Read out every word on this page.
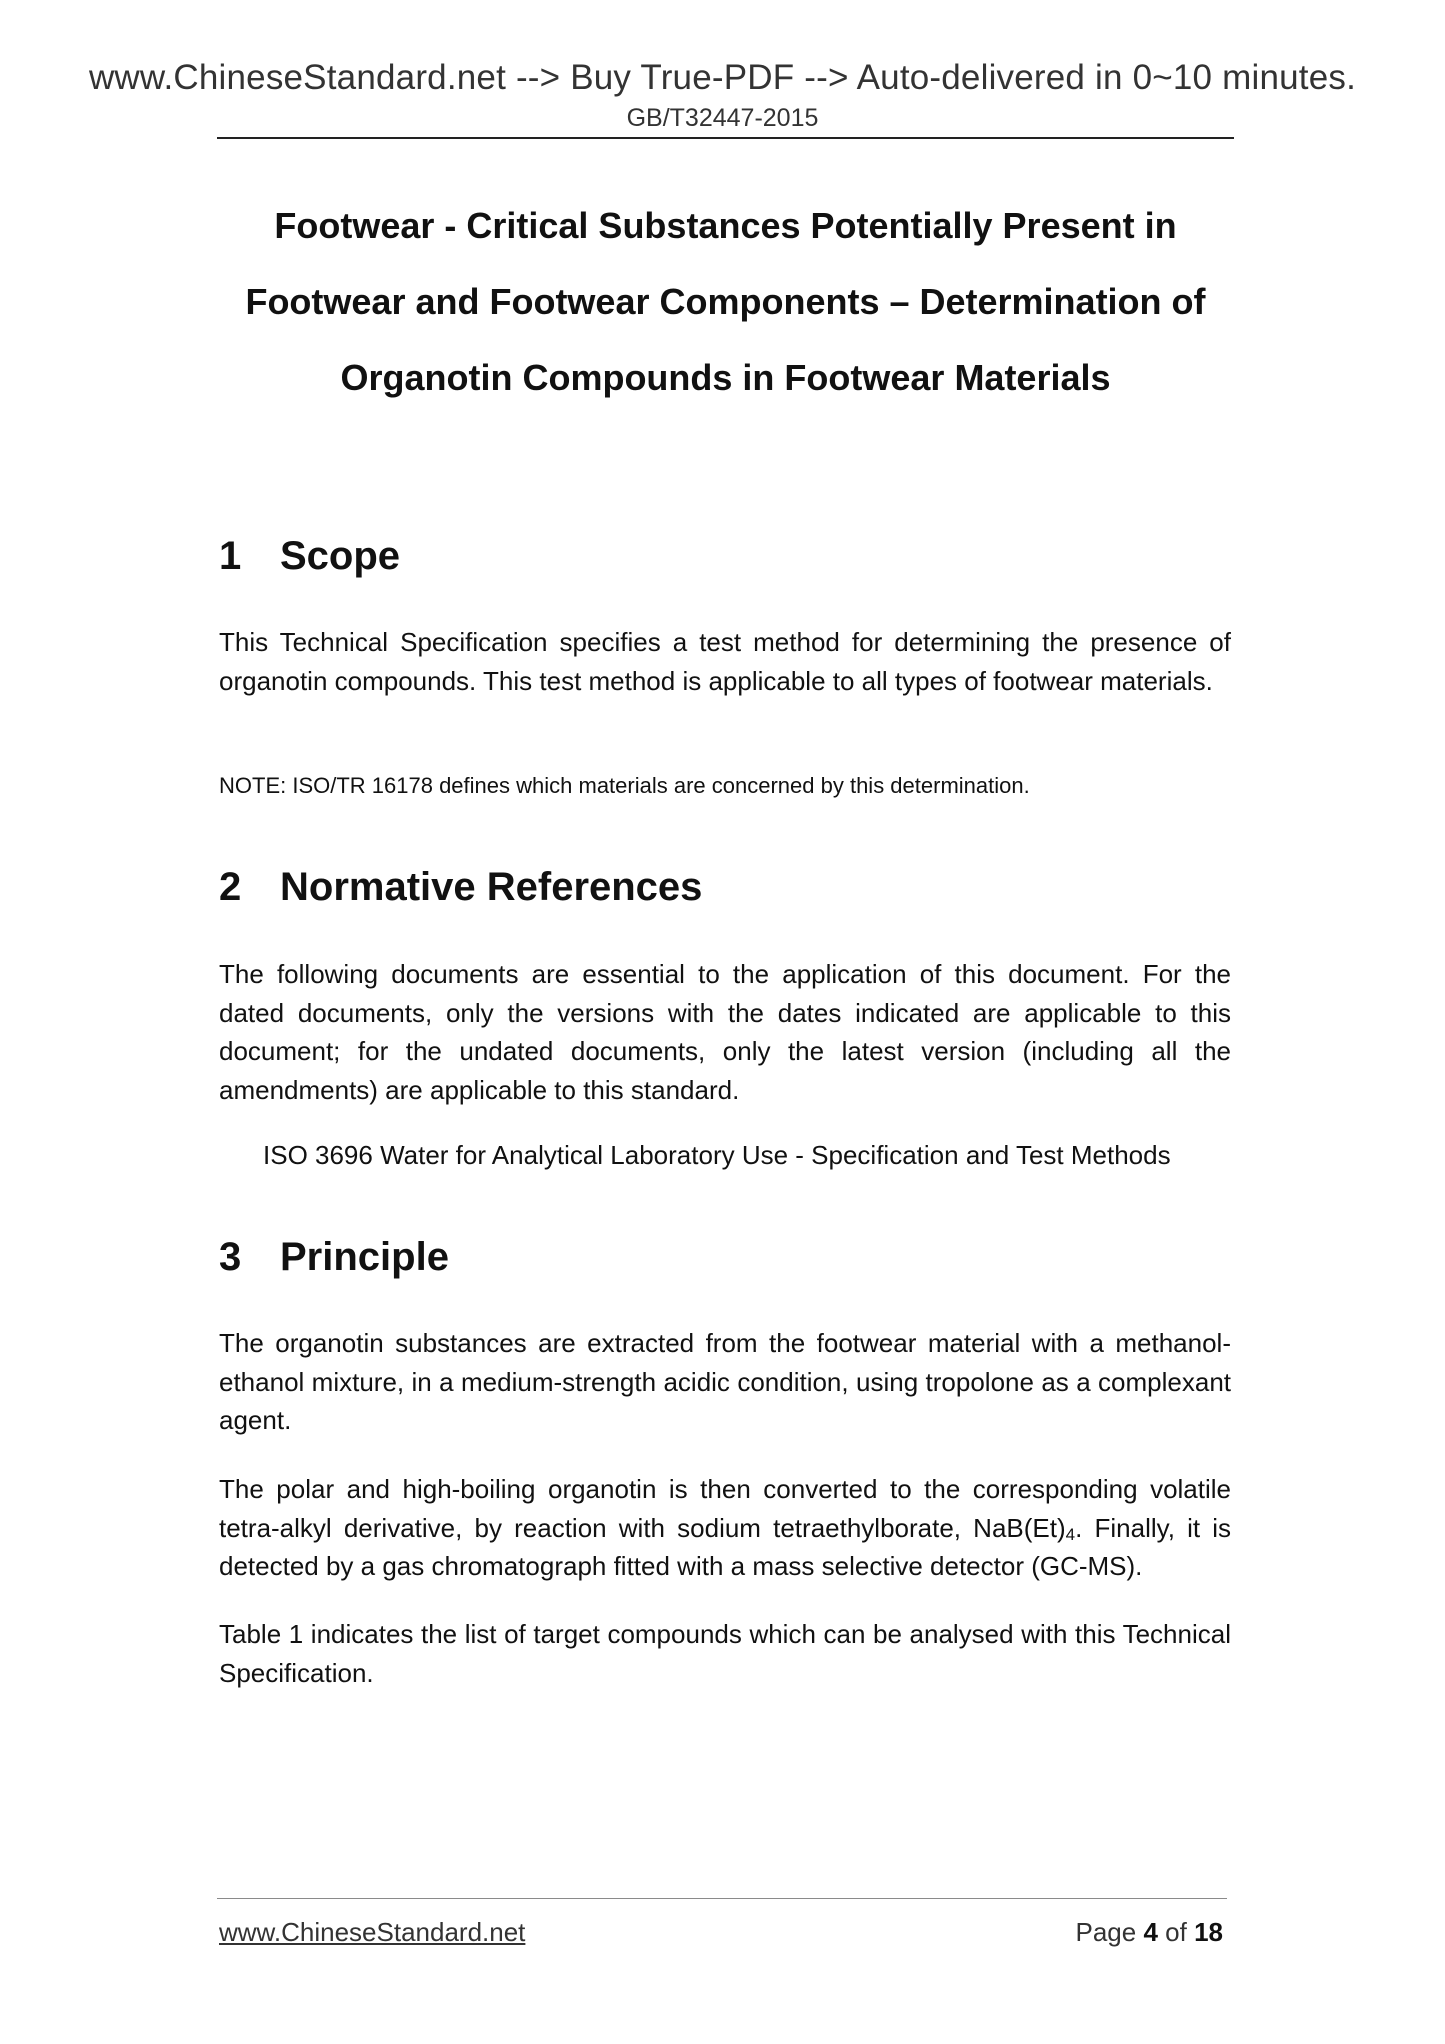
www.ChineseStandard.net --> Buy True-PDF --> Auto-delivered in 0~10 minutes.
GB/T32447-2015
Footwear - Critical Substances Potentially Present in
Footwear and Footwear Components – Determination of
Organotin Compounds in Footwear Materials
1 Scope

This Technical Specification specifies a test method for determining the presence of organotin compounds. This test method is applicable to all types of footwear materials.

NOTE: ISO/TR 16178 defines which materials are concerned by this determination.

2 Normative References

The following documents are essential to the application of this document. For the dated documents, only the versions with the dates indicated are applicable to this document; for the undated documents, only the latest version (including all the amendments) are applicable to this standard.

ISO 3696 Water for Analytical Laboratory Use - Specification and Test Methods

3 Principle

The organotin substances are extracted from the footwear material with a methanol-ethanol mixture, in a medium-strength acidic condition, using tropolone as a complexant agent.

The polar and high-boiling organotin is then converted to the corresponding volatile tetra-alkyl derivative, by reaction with sodium tetraethylborate, $NaB(Et)_4$. Finally, it is detected by a gas chromatograph fitted with a mass selective detector (GC-MS).

Table 1 indicates the list of target compounds which can be analysed with this Technical Specification.

www.ChineseStandard.net	Page 4 of 18
